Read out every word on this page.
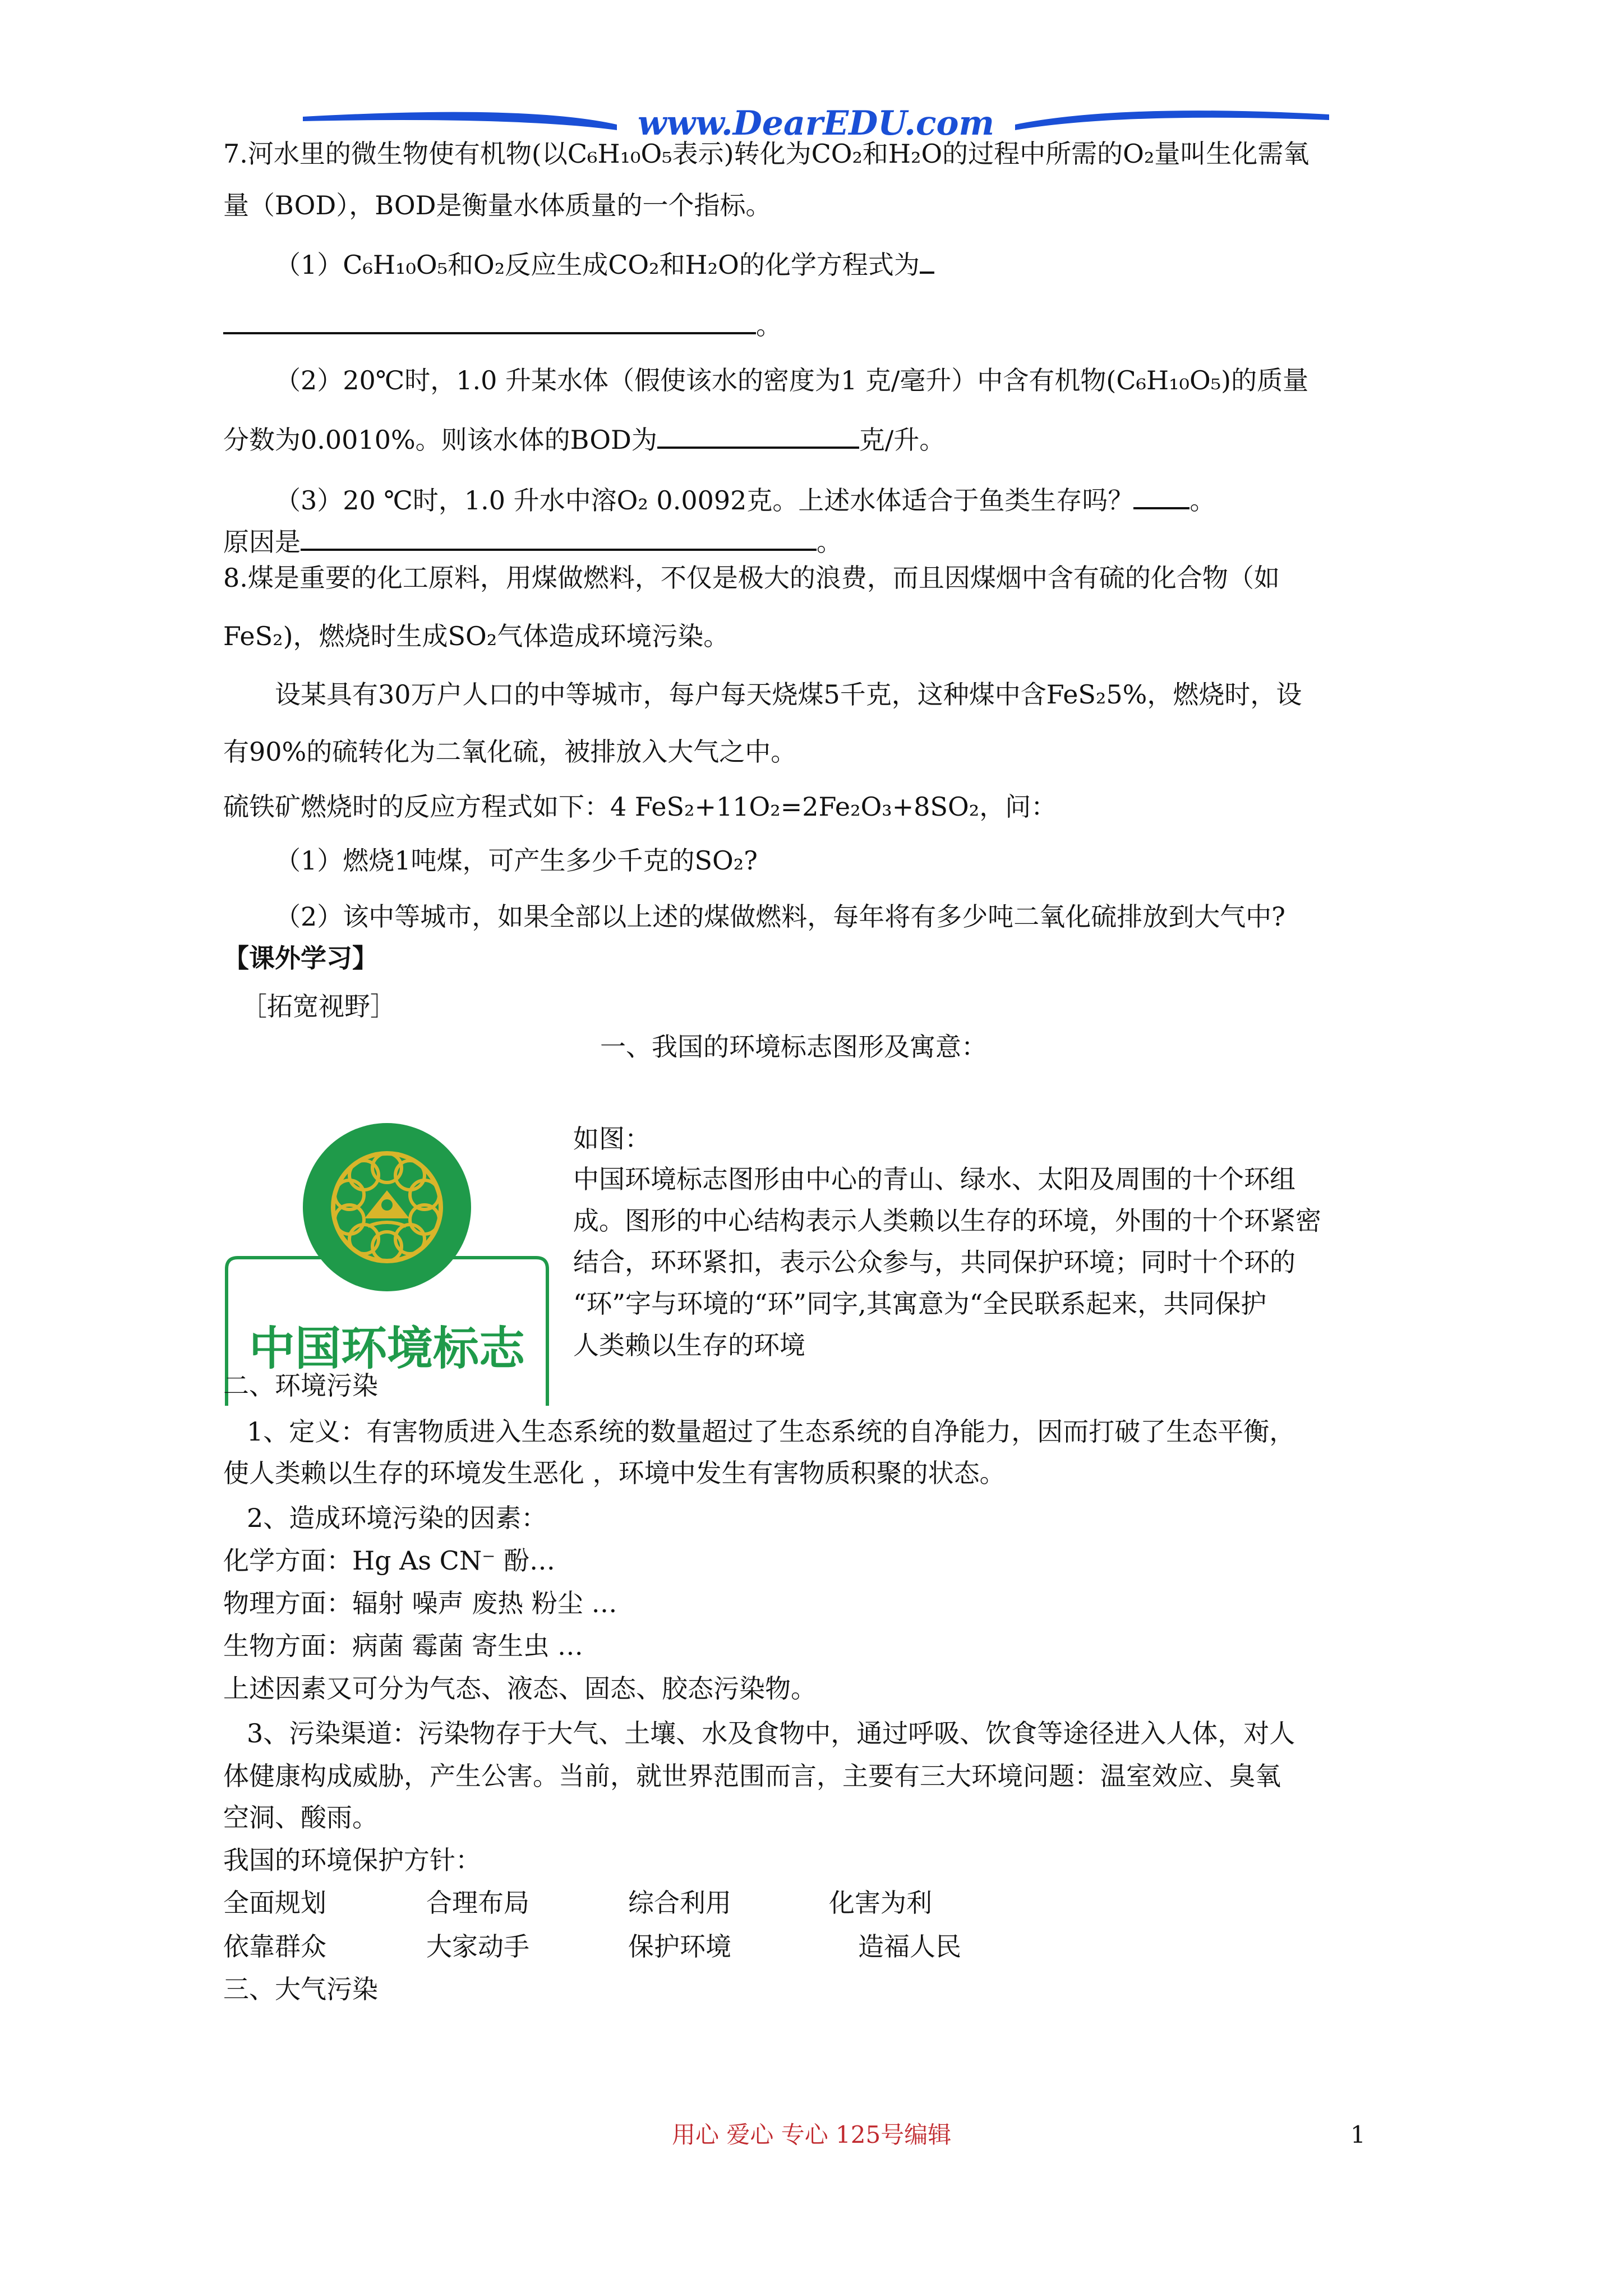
www.DearEDU.com
7.河水里的微生物使有机物(以C₆H₁₀O₅表示)转化为CO₂和H₂O的过程中所需的O₂量叫生化需氧
量（BOD），BOD是衡量水体质量的一个指标。
（1）C₆H₁₀O₅和O₂反应生成CO₂和H₂O的化学方程式为
。
（2）20℃时，1.0 升某水体（假使该水的密度为1 克/毫升）中含有机物(C₆H₁₀O₅)的质量
分数为0.0010%。则该水体的BOD为	克/升。
（3）20 ℃时，1.0 升水中溶O₂ 0.0092克。上述水体适合于鱼类生存吗？ 。
原因是	。
8.煤是重要的化工原料，用煤做燃料，不仅是极大的浪费，而且因煤烟中含有硫的化合物（如
FeS₂)，燃烧时生成SO₂气体造成环境污染。
设某具有30万户人口的中等城市，每户每天烧煤5千克，这种煤中含FeS₂5%，燃烧时，设
有90%的硫转化为二氧化硫，被排放入大气之中。
硫铁矿燃烧时的反应方程式如下：4 FeS₂+11O₂=2Fe₂O₃+8SO₂，问：
（1）燃烧1吨煤，可产生多少千克的SO₂?
（2）该中等城市，如果全部以上述的煤做燃料，每年将有多少吨二氧化硫排放到大气中?
【课外学习】
［拓宽视野］
一、我国的环境标志图形及寓意：
中国环境标志
如图：
中国环境标志图形由中心的青山、绿水、太阳及周围的十个环组
成。图形的中心结构表示人类赖以生存的环境，外围的十个环紧密
结合，环环紧扣，表示公众参与，共同保护环境；同时十个环的
“环”字与环境的“环”同字,其寓意为“全民联系起来，共同保护
人类赖以生存的环境
二、环境污染
1、定义：有害物质进入生态系统的数量超过了生态系统的自净能力，因而打破了生态平衡，
使人类赖以生存的环境发生恶化 ，环境中发生有害物质积聚的状态。
2、造成环境污染的因素：
化学方面：Hg As CN⁻ 酚…
物理方面：辐射 噪声 废热 粉尘 …
生物方面：病菌 霉菌 寄生虫 …
上述因素又可分为气态、液态、固态、胶态污染物。
3、污染渠道：污染物存于大气、土壤、水及食物中，通过呼吸、饮食等途径进入人体，对人
体健康构成威胁，产生公害。当前，就世界范围而言，主要有三大环境问题：温室效应、臭氧
空洞、酸雨。
我国的环境保护方针：
全面规划	合理布局	综合利用	化害为利
依靠群众	大家动手	保护环境	造福人民
三、大气污染
用心 爱心 专心 125号编辑	1
